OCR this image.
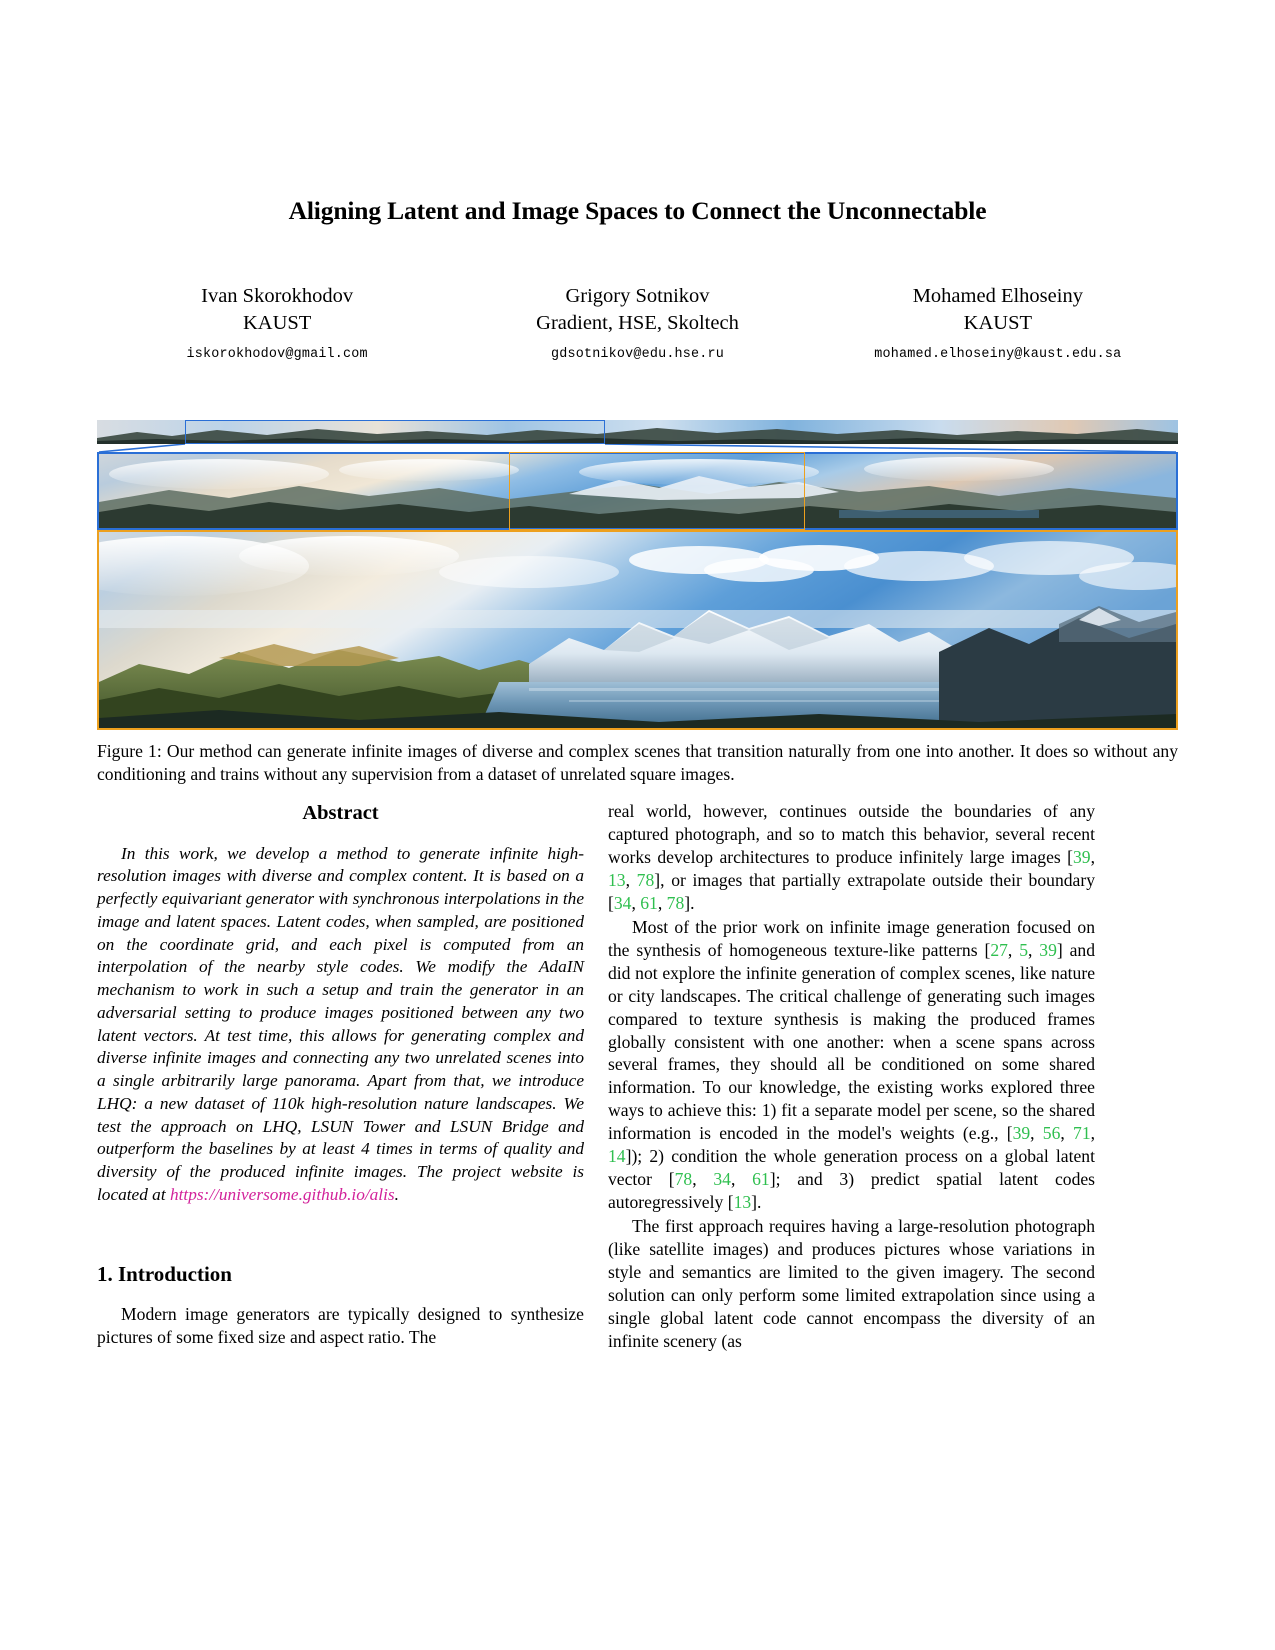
Aligning Latent and Image Spaces to Connect the Unconnectable
Ivan Skorokhodov
KAUST
iskorokhodov@gmail.com
Grigory Sotnikov
Gradient, HSE, Skoltech
gdsotnikov@edu.hse.ru
Mohamed Elhoseiny
KAUST
mohamed.elhoseiny@kaust.edu.sa
Figure 1: Our method can generate infinite images of diverse and complex scenes that transition naturally from one into another. It does so without any conditioning and trains without any supervision from a dataset of unrelated square images.
Abstract
In this work, we develop a method to generate infinite high-resolution images with diverse and complex content. It is based on a perfectly equivariant generator with synchronous interpolations in the image and latent spaces. Latent codes, when sampled, are positioned on the coordinate grid, and each pixel is computed from an interpolation of the nearby style codes. We modify the AdaIN mechanism to work in such a setup and train the generator in an adversarial setting to produce images positioned between any two latent vectors. At test time, this allows for generating complex and diverse infinite images and connecting any two unrelated scenes into a single arbitrarily large panorama. Apart from that, we introduce LHQ: a new dataset of 110k high-resolution nature landscapes. We test the approach on LHQ, LSUN Tower and LSUN Bridge and outperform the baselines by at least 4 times in terms of quality and diversity of the produced infinite images. The project website is located at https://universome.github.io/alis.
1. Introduction

Modern image generators are typically designed to synthesize pictures of some fixed size and aspect ratio. The

real world, however, continues outside the boundaries of any captured photograph, and so to match this behavior, several recent works develop architectures to produce infinitely large images [39, 13, 78], or images that partially extrapolate outside their boundary [34, 61, 78].

Most of the prior work on infinite image generation focused on the synthesis of homogeneous texture-like patterns [27, 5, 39] and did not explore the infinite generation of complex scenes, like nature or city landscapes. The critical challenge of generating such images compared to texture synthesis is making the produced frames globally consistent with one another: when a scene spans across several frames, they should all be conditioned on some shared information. To our knowledge, the existing works explored three ways to achieve this: 1) fit a separate model per scene, so the shared information is encoded in the model's weights (e.g., [39, 56, 71, 14]); 2) condition the whole generation process on a global latent vector [78, 34, 61]; and 3) predict spatial latent codes autoregressively [13].

The first approach requires having a large-resolution photograph (like satellite images) and produces pictures whose variations in style and semantics are limited to the given imagery. The second solution can only perform some limited extrapolation since using a single global latent code cannot encompass the diversity of an infinite scenery (as
